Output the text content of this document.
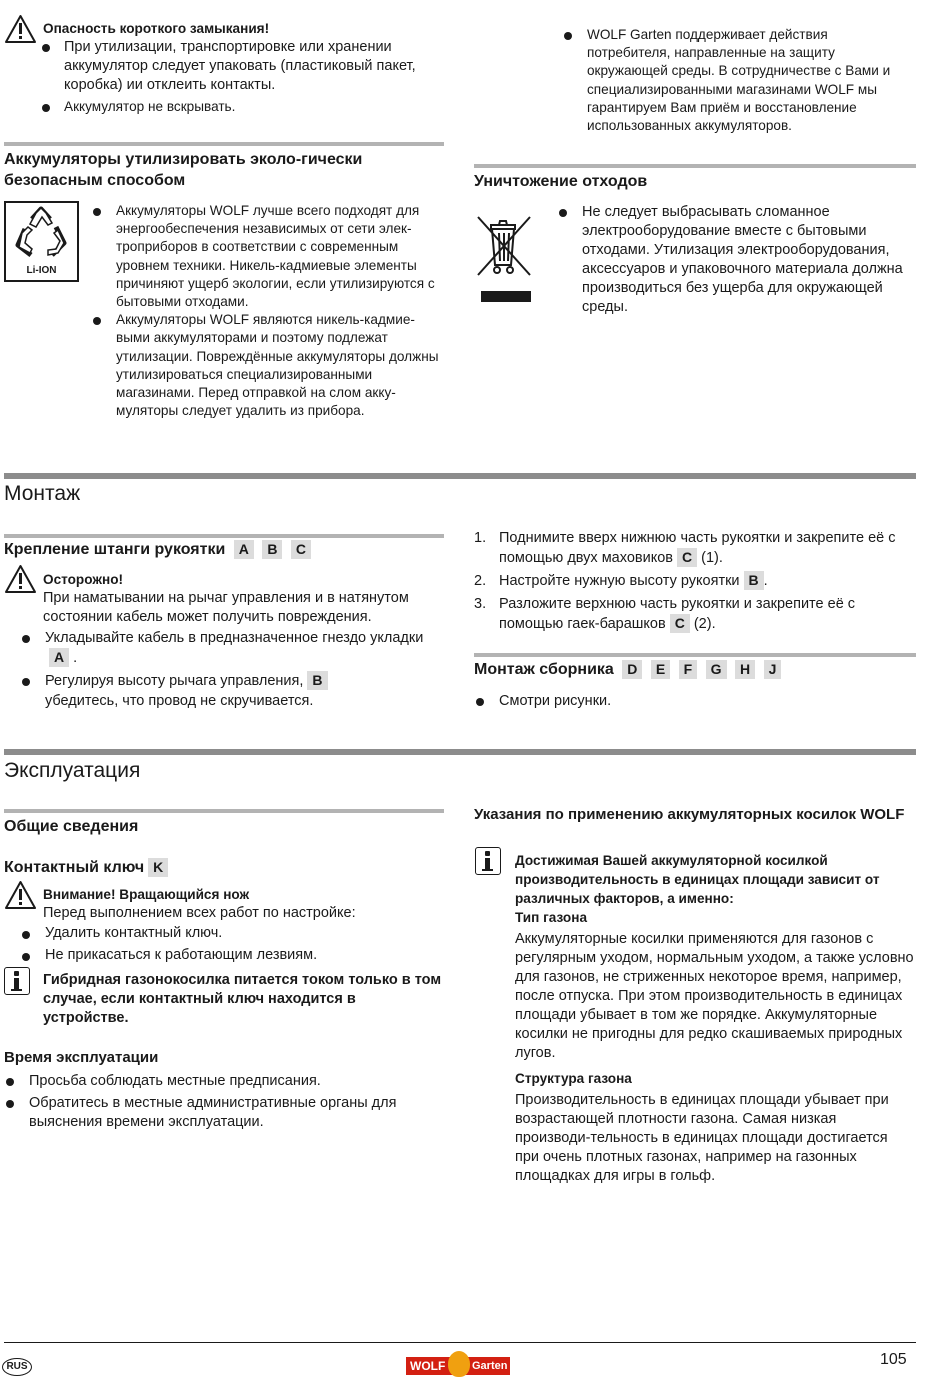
Опасность короткого замыкания!

При утилизации, транспортировке или хранении аккумулятор следует упаковать (пластиковый пакет, коробка) ии отклеить контакты.
Аккумулятор не вскрывать.
WOLF Garten поддерживает действия потребителя, направленные на защиту окружающей среды. В сотрудничестве с Вами и специализированными магазинами WOLF мы гарантируем Вам приём и восстановление использованных аккумуляторов.

Аккумуляторы утилизировать эколо-гически
безопасным способом

Li-ION
Аккумуляторы WOLF лучше всего подходят для энергообеспечения независимых от сети элек-троприборов в соответствии с современным уровнем техники. Никель-кадмиевые элементы причиняют ущерб экологии, если утилизируются с бытовыми отходами.
Аккумуляторы WOLF являются никель-кадмие-выми аккумуляторами и поэтому подлежат утилизации. Повреждённые аккумуляторы должны утилизироваться специализированными магазинами. Перед отправкой на слом акку-муляторы следует удалить из прибора.

Уничтожение отходов

Не следует выбрасывать сломанное электрооборудование вместе с бытовыми отходами. Утилизация электрооборудования, аксессуаров и упаковочного материала должна производиться без ущерба для окружающей среды.

Монтаж

Крепление штанги рукоятки A B C

Осторожно!

При наматывании на рычаг управления и в натянутом состоянии кабель может получить повреждения.

Укладывайте кабель в предназначенное гнездо укладкиA .
Регулируя высоту рычага управления, B
убедитесь, что провод не скручивается.
1. Поднимите вверх нижнюю часть рукоятки и закрепите её с помощью двух маховиков C (1).
2. Настройте нужную высоту рукоятки B .
3. Разложите верхнюю часть рукоятки и закрепите её с помощью гаек-барашков C (2).

Монтаж сборника D E F G H J

Смотри рисунки.

Эксплуатация

Общие сведения

Контактный ключ K

Внимание! Вращающийся нож

Перед выполнением всех работ по настройке:

Удалить контактный ключ.
Не прикасаться к работающим лезвиям.

Гибридная газонокосилка питается током только в том случае, если контактный ключ находится в устройстве.

Время эксплуатации

Просьба соблюдать местные предписания.
Обратитесь в местные административные органы для выяснения времени эксплуатации.

Указания по применению аккумуляторных косилок WOLF

Достижимая Вашей аккумуляторной косилкой производительность в единицах площади зависит от различных факторов, а именно:

Тип газона

Аккумуляторные косилки применяются для газонов с регулярным уходом, нормальным уходом, а также условно для газонов, не стриженных некоторое время, например, после отпуска. При этом производительность в единицах площади убывает в том же порядке. Аккумуляторные косилки не пригодны для редко скашиваемых природных лугов.

Структура газона

Производительность в единицах площади убывает при возрастающей плотности газона. Самая низкая производи-тельность в единицах площади достигается при очень плотных газонах, например на газонных площадках для игры в гольф.

RUS	WOLF Garten	105
